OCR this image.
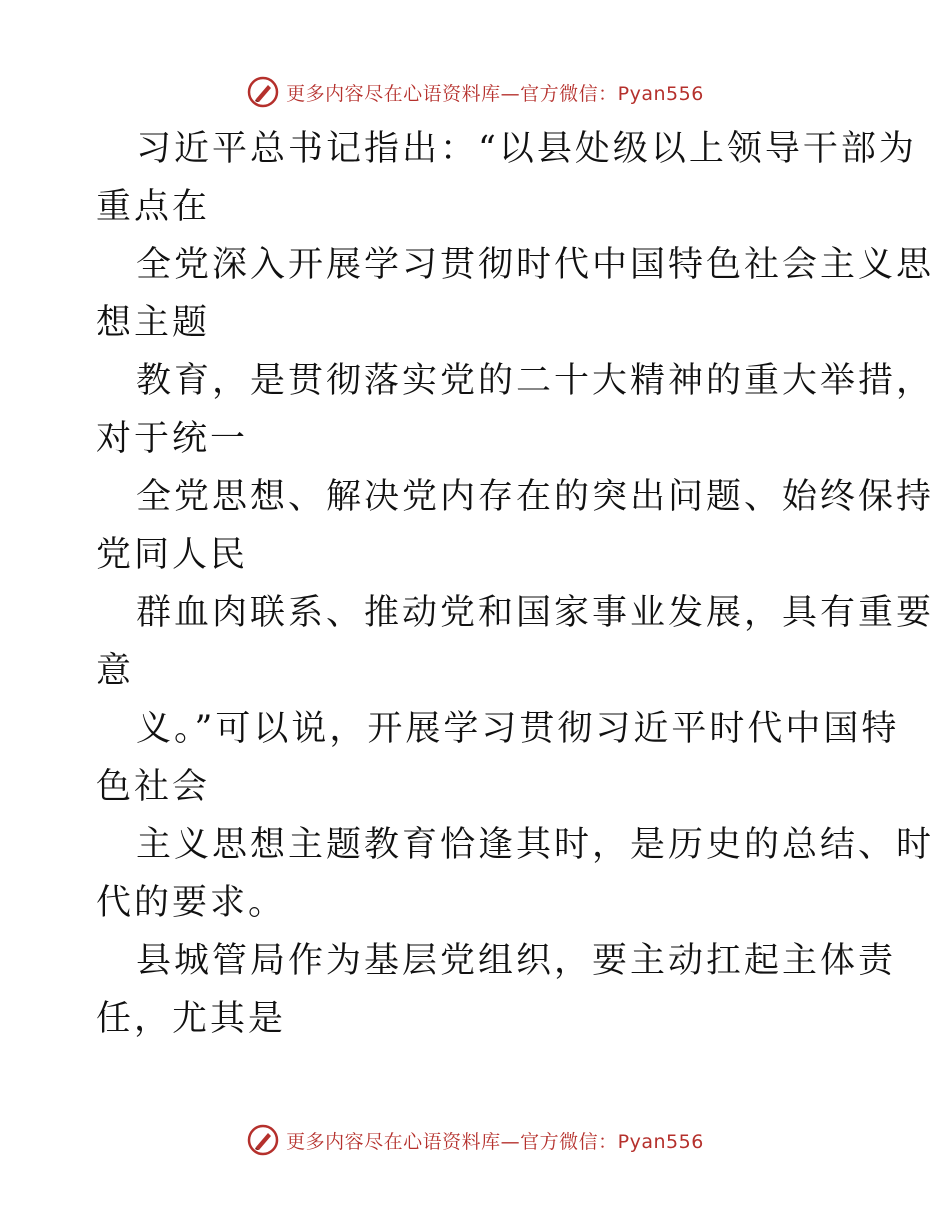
更多内容尽在心语资料库—官方微信：Pyan556
习近平总书记指出：“以县处级以上领导干部为
重点在
全党深入开展学习贯彻时代中国特色社会主义思
想主题
教育，是贯彻落实党的二十大精神的重大举措，
对于统一
全党思想、解决党内存在的突出问题、始终保持
党同人民
群血肉联系、推动党和国家事业发展，具有重要
意
义。”可以说，开展学习贯彻习近平时代中国特
色社会
主义思想主题教育恰逢其时，是历史的总结、时
代的要求。
县城管局作为基层党组织，要主动扛起主体责
任，尤其是
更多内容尽在心语资料库—官方微信：Pyan556
